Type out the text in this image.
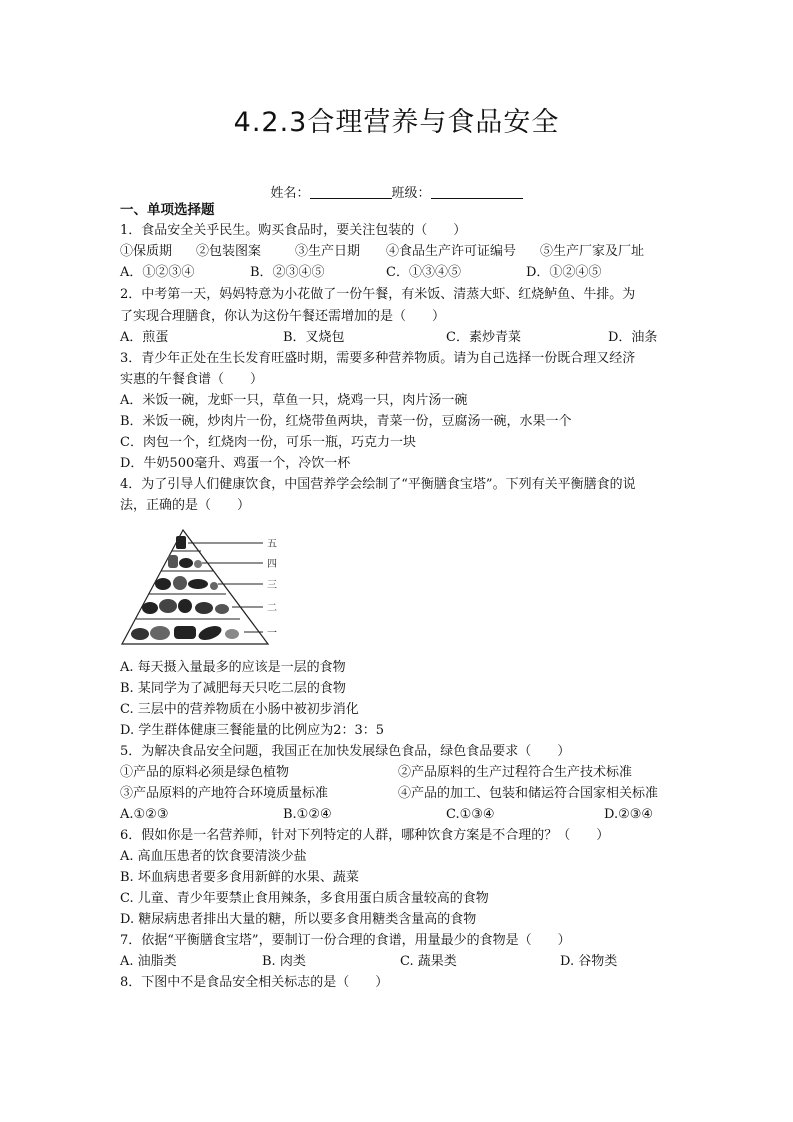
4.2.3合理营养与食品安全
姓名：	班级：
一、单项选择题
1．食品安全关乎民生。购买食品时，要关注包装的（　　）
①保质期 ②包装图案	③生产日期 ④食品生产许可证编号 ⑤生产厂家及厂址
A．①②③④	B．②③④⑤	C．①③④⑤	D．①②④⑤
2．中考第一天，妈妈特意为小花做了一份午餐，有米饭、清蒸大虾、红烧鲈鱼、牛排。为
了实现合理膳食，你认为这份午餐还需增加的是（　　）
A．煎蛋	B．叉烧包	C．素炒青菜	D．油条
3．青少年正处在生长发育旺盛时期，需要多种营养物质。请为自己选择一份既合理又经济
实惠的午餐食谱（　　）
A．米饭一碗，龙虾一只，草鱼一只，烧鸡一只，肉片汤一碗
B．米饭一碗，炒肉片一份，红烧带鱼两块，青菜一份，豆腐汤一碗，水果一个
C．肉包一个，红烧肉一份，可乐一瓶，巧克力一块
D．牛奶500毫升、鸡蛋一个，冷饮一杯
4．为了引导人们健康饮食，中国营养学会绘制了“平衡膳食宝塔”。下列有关平衡膳食的说
法，正确的是（　　）
五
四
三
二
一
A. 每天摄入量最多的应该是一层的食物
B. 某同学为了减肥每天只吃二层的食物
C. 三层中的营养物质在小肠中被初步消化
D. 学生群体健康三餐能量的比例应为2：3：5
5．为解决食品安全问题，我国正在加快发展绿色食品，绿色食品要求（　　）
①产品的原料必须是绿色植物	②产品原料的生产过程符合生产技术标准
③产品原料的产地符合环境质量标准	④产品的加工、包装和储运符合国家相关标准
A.①②③	B.①②④	C.①③④	D.②③④
6．假如你是一名营养师，针对下列特定的人群，哪种饮食方案是不合理的？（　　）
A. 高血压患者的饮食要清淡少盐
B. 坏血病患者要多食用新鲜的水果、蔬菜
C. 儿童、青少年要禁止食用辣条，多食用蛋白质含量较高的食物
D. 糖尿病患者排出大量的糖，所以要多食用糖类含量高的食物
7．依据“平衡膳食宝塔”，要制订一份合理的食谱，用量最少的食物是（　　）
A. 油脂类	B. 肉类	C. 蔬果类	D. 谷物类
8．下图中不是食品安全相关标志的是（　　）
